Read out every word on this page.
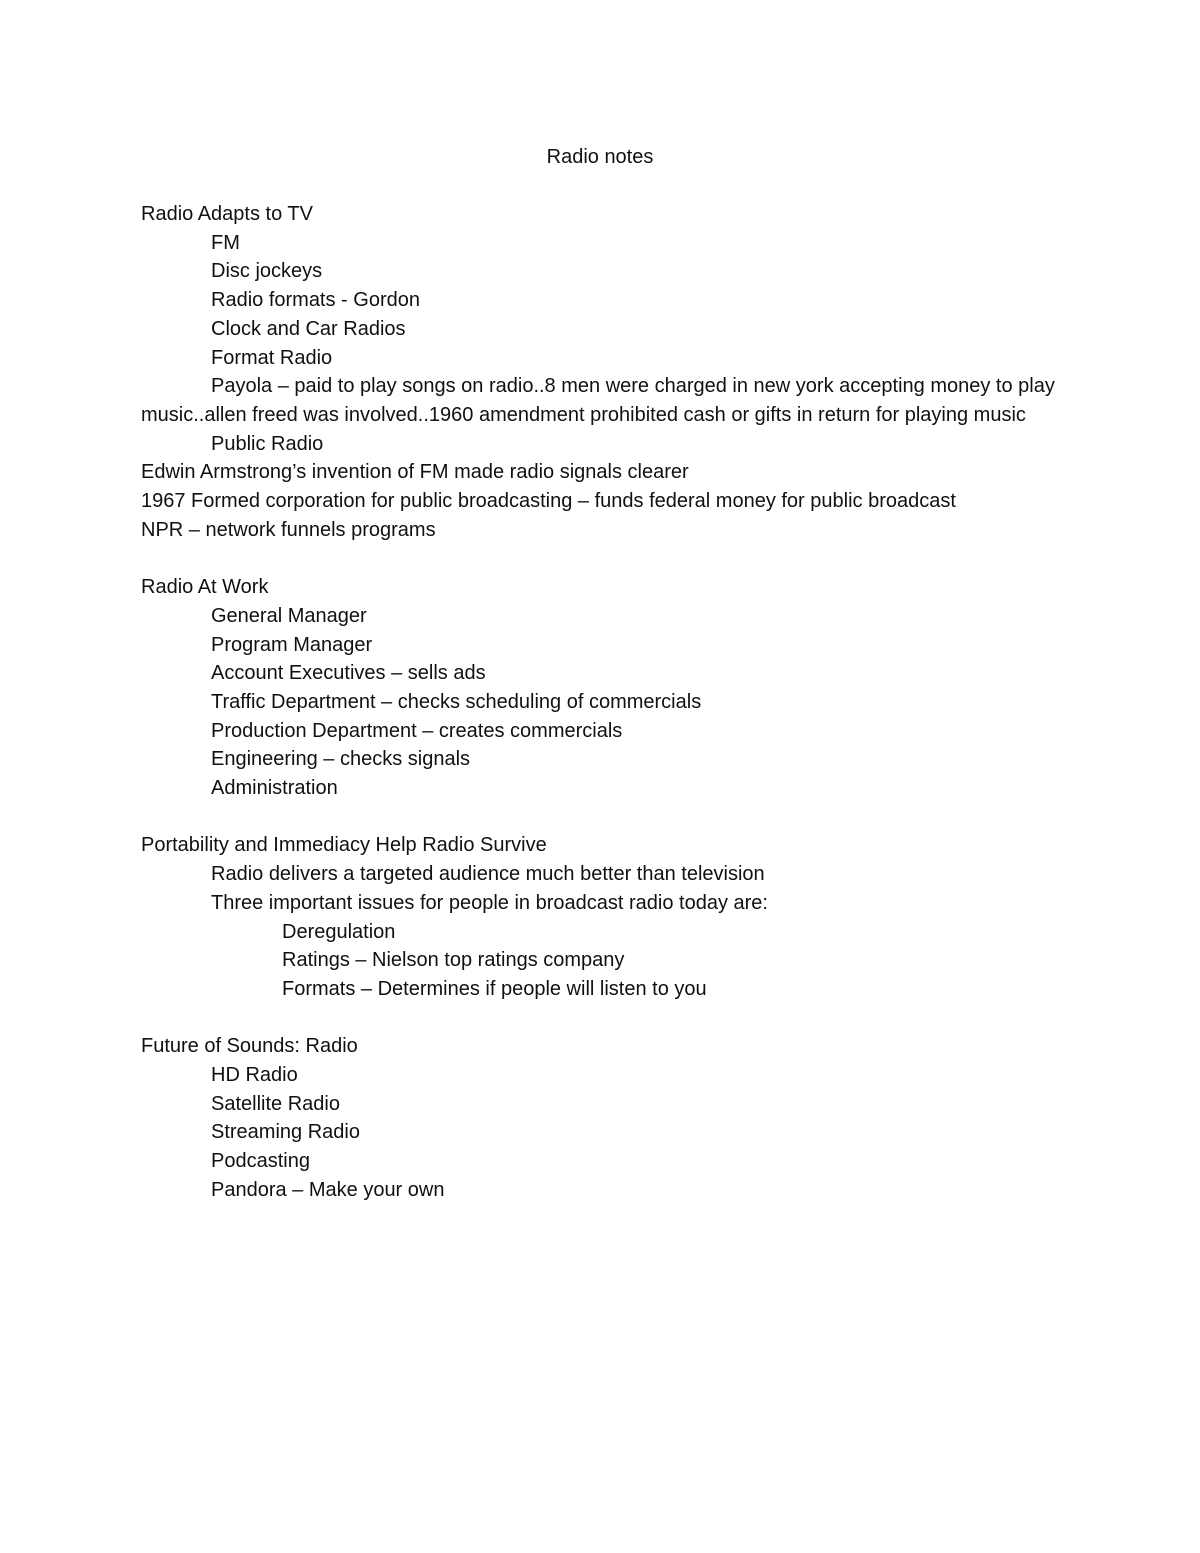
Radio notes
Radio Adapts to TV
FM
Disc jockeys
Radio formats - Gordon
Clock and Car Radios
Format Radio
Payola – paid to play songs on radio..8 men were charged in new york accepting money to play music..allen freed was involved..1960 amendment prohibited cash or gifts in return for playing music
Public Radio
Edwin Armstrong’s invention of FM made radio signals clearer
1967 Formed corporation for public broadcasting – funds federal money for public broadcast
NPR – network funnels programs
Radio At Work
General Manager
Program Manager
Account Executives – sells ads
Traffic Department – checks scheduling of commercials
Production Department – creates commercials
Engineering – checks signals
Administration
Portability and Immediacy Help Radio Survive
Radio delivers a targeted audience much better than television
Three important issues for people in broadcast radio today are:
Deregulation
Ratings – Nielson top ratings company
Formats – Determines if people will listen to you
Future of Sounds: Radio
HD Radio
Satellite Radio
Streaming Radio
Podcasting
Pandora – Make your own
